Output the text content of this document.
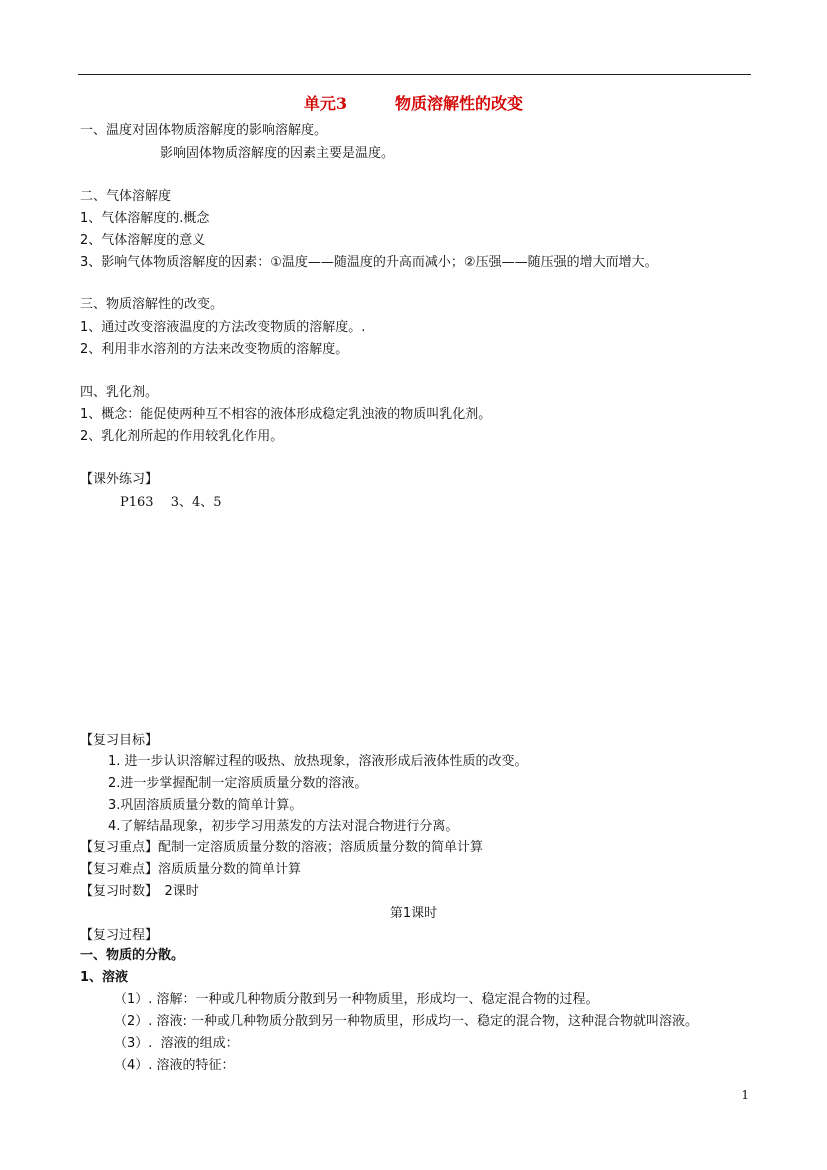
单元3　　　物质溶解性的改变
一、温度对固体物质溶解度的影响溶解度。
影响固体物质溶解度的因素主要是温度。
二、气体溶解度
1、气体溶解度的.概念
2、气体溶解度的意义
3、影响气体物质溶解度的因素：①温度——随温度的升高而减小；②压强——随压强的增大而增大。
三、物质溶解性的改变。
1、通过改变溶液温度的方法改变物质的溶解度。.
2、利用非水溶剂的方法来改变物质的溶解度。
四、乳化剂。
1、概念：能促使两种互不相容的液体形成稳定乳浊液的物质叫乳化剂。
2、乳化剂所起的作用较乳化作用。
【课外练习】
P163　 3、4、5
【复习目标】
1. 进一步认识溶解过程的吸热、放热现象，溶液形成后液体性质的改变。
2.进一步掌握配制一定溶质质量分数的溶液。
3.巩固溶质质量分数的简单计算。
4.了解结晶现象，初步学习用蒸发的方法对混合物进行分离。
【复习重点】配制一定溶质质量分数的溶液；溶质质量分数的简单计算
【复习难点】溶质质量分数的简单计算
【复习时数】　2课时
第1课时
【复习过程】
一、物质的分散。
1、溶液
（1）. 溶解：一种或几种物质分散到另一种物质里，形成均一、稳定混合物的过程。
（2）. 溶液: 一种或几种物质分散到另一种物质里，形成均一、稳定的混合物，这种混合物就叫溶液。
（3）.  溶液的组成：
（4）. 溶液的特征：
1
